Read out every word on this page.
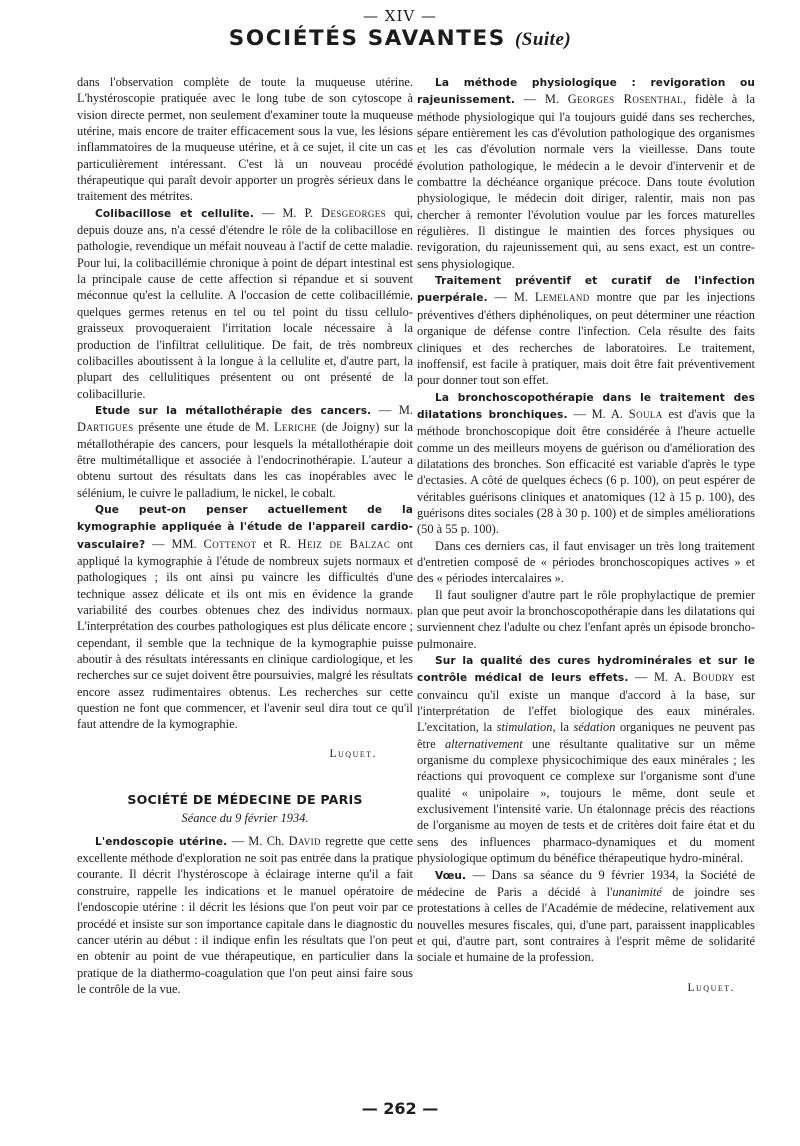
— XIV —
SOCIÉTÉS SAVANTES (Suite)

dans l'observation complète de toute la muqueuse utérine. L'hystéroscopie pratiquée avec le long tube de son cytoscope à vision directe permet, non seulement d'examiner toute la muqueuse utérine, mais encore de traiter efficacement sous la vue, les lésions inflammatoires de la muqueuse utérine, et à ce sujet, il cite un cas particulièrement intéressant. C'est là un nouveau procédé thérapeutique qui paraît devoir apporter un progrès sérieux dans le traitement des métrites.

Colibacillose et cellulite. — M. P. Desgeorges qui, depuis douze ans, n'a cessé d'étendre le rôle de la colibacillose en pathologie, revendique un méfait nouveau à l'actif de cette maladie. Pour lui, la colibacillémie chronique à point de départ intestinal est la principale cause de cette affection si répandue et si souvent méconnue qu'est la cellulite. A l'occasion de cette colibacillémie, quelques germes retenus en tel ou tel point du tissu cellulo-graisseux provoqueraient l'irritation locale nécessaire à la production de l'infiltrat cellulitique. De fait, de très nombreux colibacilles aboutissent à la longue à la cellulite et, d'autre part, la plupart des cellulitiques présentent ou ont présenté de la colibacillurie.

Etude sur la métallothérapie des cancers. — M. Dartigues présente une étude de M. Leriche (de Joigny) sur la métallothérapie des cancers, pour lesquels la métallothérapie doit être multimétallique et associée à l'endocrinothérapie. L'auteur a obtenu surtout des résultats dans les cas inopérables avec le sélénium, le cuivre le palladium, le nickel, le cobalt.

Que peut-on penser actuellement de la kymographie appliquée à l'étude de l'appareil cardio-vasculaire? — MM. Cottenot et R. Heiz de Balzac ont appliqué la kymographie à l'étude de nombreux sujets normaux et pathologiques ; ils ont ainsi pu vaincre les difficultés d'une technique assez délicate et ils ont mis en évidence la grande variabilité des courbes obtenues chez des individus normaux. L'interprétation des courbes pathologiques est plus délicate encore ; cependant, il semble que la technique de la kymographie puisse aboutir à des résultats intéressants en clinique cardiologique, et les recherches sur ce sujet doivent être poursuivies, malgré les résultats encore assez rudimentaires obtenus. Les recherches sur cette question ne font que commencer, et l'avenir seul dira tout ce qu'il faut attendre de la kymographie.

Luquet.
SOCIÉTÉ DE MÉDECINE DE PARIS
Séance du 9 février 1934.

L'endoscopie utérine. — M. Ch. David regrette que cette excellente méthode d'exploration ne soit pas entrée dans la pratique courante. Il décrit l'hystéroscope à éclairage interne qu'il a fait construire, rappelle les indications et le manuel opératoire de l'endoscopie utérine : il décrit les lésions que l'on peut voir par ce procédé et insiste sur son importance capitale dans le diagnostic du cancer utérin au début : il indique enfin les résultats que l'on peut en obtenir au point de vue thérapeutique, en particulier dans la pratique de la diathermo-coagulation que l'on peut ainsi faire sous le contrôle de la vue.

La méthode physiologique : revigoration ou rajeunissement. — M. Georges Rosenthal, fidèle à la méthode physiologique qui l'a toujours guidé dans ses recherches, sépare entièrement les cas d'évolution pathologique des organismes et les cas d'évolution normale vers la vieillesse. Dans toute évolution pathologique, le médecin a le devoir d'intervenir et de combattre la déchéance organique précoce. Dans toute évolution physiologique, le médecin doit diriger, ralentir, mais non pas chercher à remonter l'évolution voulue par les forces maturelles régulières. Il distingue le maintien des forces physiques ou revigoration, du rajeunissement qui, au sens exact, est un contre-sens physiologique.

Traitement préventif et curatif de l'infection puerpérale. — M. Lemeland montre que par les injections préventives d'éthers diphénoliques, on peut déterminer une réaction organique de défense contre l'infection. Cela résulte des faits cliniques et des recherches de laboratoires. Le traitement, inoffensif, est facile à pratiquer, mais doit être fait préventivement pour donner tout son effet.

La bronchoscopothérapie dans le traitement des dilatations bronchiques. — M. A. Soula est d'avis que la méthode bronchoscopique doit être considérée à l'heure actuelle comme un des meilleurs moyens de guérison ou d'amélioration des dilatations des bronches. Son efficacité est variable d'après le type d'ectasies. A côté de quelques échecs (6 p. 100), on peut espérer de véritables guérisons cliniques et anatomiques (12 à 15 p. 100), des guérisons dites sociales (28 à 30 p. 100) et de simples améliorations (50 à 55 p. 100).

Dans ces derniers cas, il faut envisager un très long traitement d'entretien composé de « périodes bronchoscopiques actives » et des « périodes intercalaires ».

Il faut souligner d'autre part le rôle prophylactique de premier plan que peut avoir la bronchoscopothérapie dans les dilatations qui surviennent chez l'adulte ou chez l'enfant après un épisode broncho-pulmonaire.

Sur la qualité des cures hydrominérales et sur le contrôle médical de leurs effets. — M. A. Boudry est convaincu qu'il existe un manque d'accord à la base, sur l'interprétation de l'effet biologique des eaux minérales. L'excitation, la stimulation, la sédation organiques ne peuvent pas être alternativement une résultante qualitative sur un même organisme du complexe physicochimique des eaux minérales ; les réactions qui provoquent ce complexe sur l'organisme sont d'une qualité « unipolaire », toujours le même, dont seule et exclusivement l'intensité varie. Un étalonnage précis des réactions de l'organisme au moyen de tests et de critères doit faire état et du sens des influences pharmaco-dynamiques et du moment physiologique optimum du bénéfice thérapeutique hydro-minéral.

Vœu. — Dans sa séance du 9 février 1934, la Société de médecine de Paris a décidé à l'unanimité de joindre ses protestations à celles de l'Académie de médecine, relativement aux nouvelles mesures fiscales, qui, d'une part, paraissent inapplicables et qui, d'autre part, sont contraires à l'esprit même de solidarité sociale et humaine de la profession.

Luquet.
— 262 —
